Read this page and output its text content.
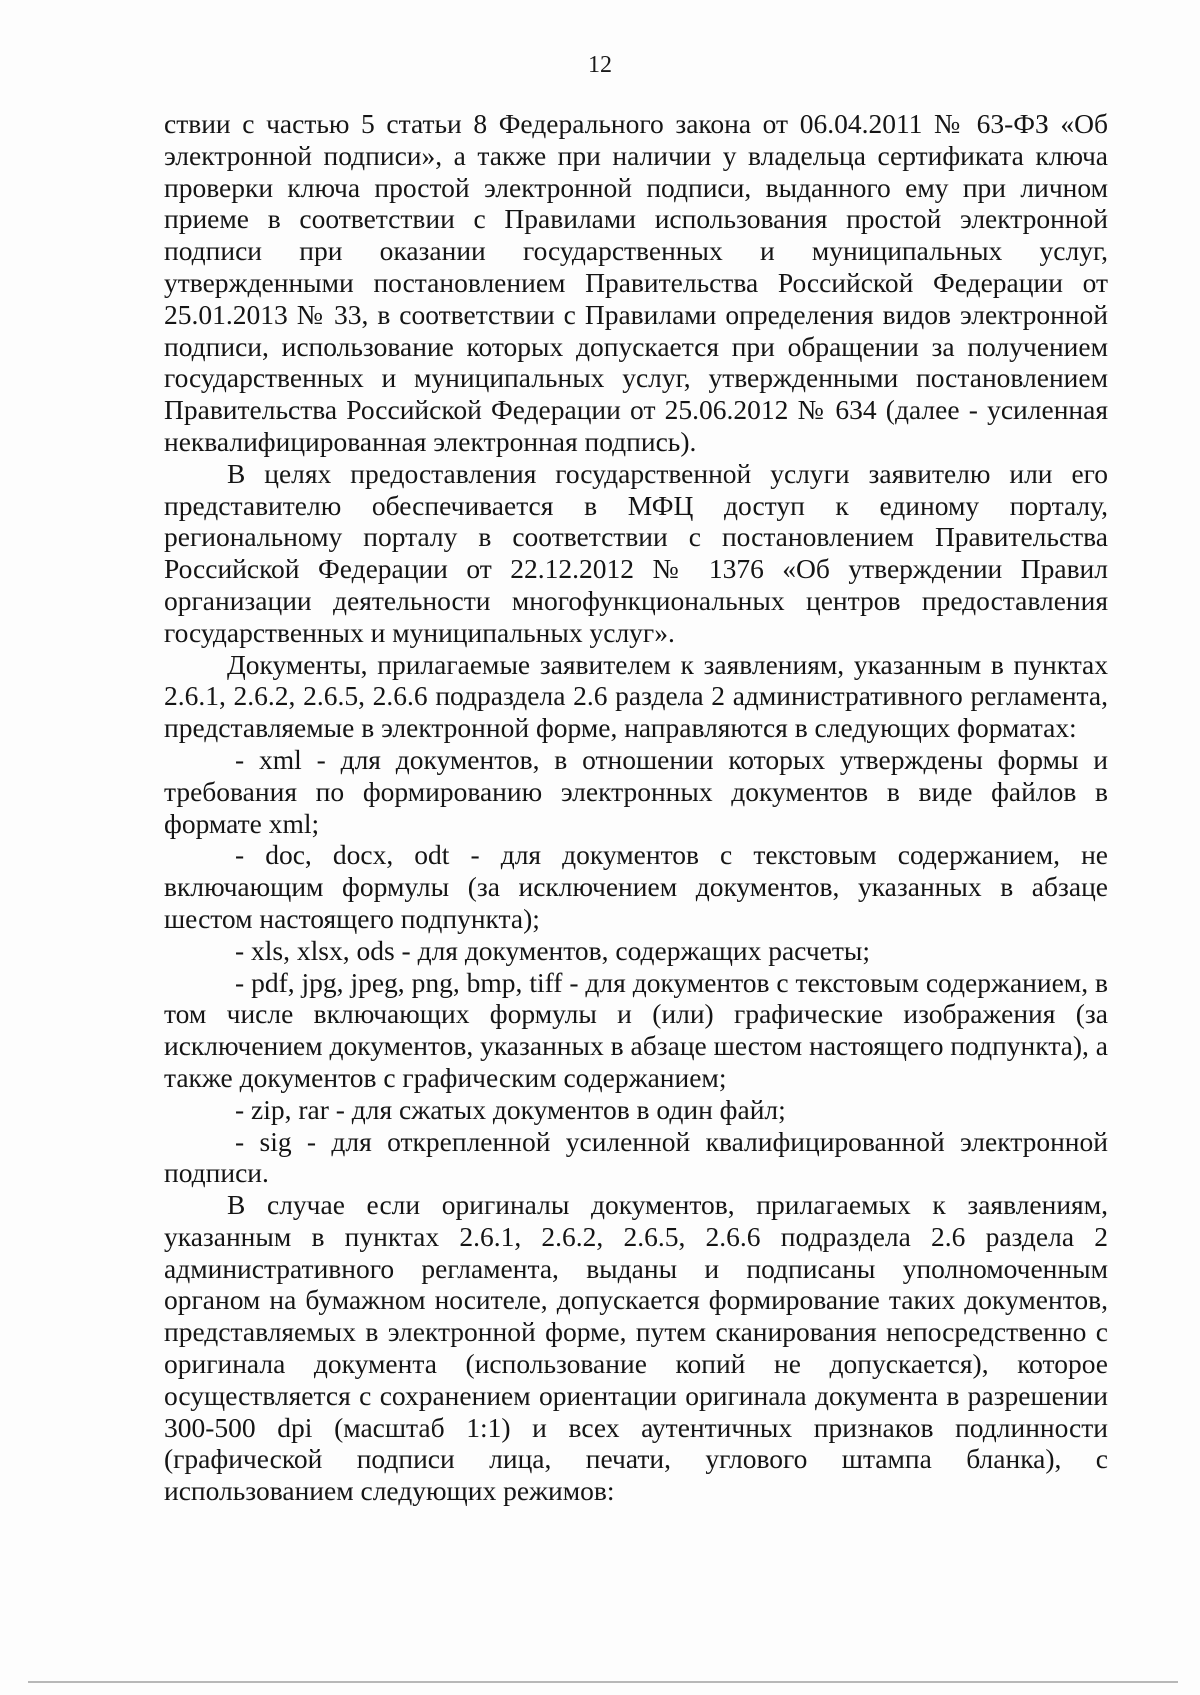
12

ствии с частью 5 статьи 8 Федерального закона от 06.04.2011 № 63-ФЗ «Об электронной подписи», а также при наличии у владельца сертификата ключа проверки ключа простой электронной подписи, выданного ему при личном приеме в соответствии с Правилами использования простой электронной подписи при оказании государственных и муниципальных услуг, утвержденными постановлением Правительства Российской Федерации от 25.01.2013 № 33, в соответствии с Правилами определения видов электронной подписи, использование которых допускается при обращении за получением государственных и муниципальных услуг, утвержденными постановлением Правительства Российской Федерации от 25.06.2012 № 634 (далее - усиленная неквалифицированная электронная подпись).

В целях предоставления государственной услуги заявителю или его представителю обеспечивается в МФЦ доступ к единому порталу, региональному порталу в соответствии с постановлением Правительства Российской Федерации от 22.12.2012 № 1376 «Об утверждении Правил организации деятельности многофункциональных центров предоставления государственных и муниципальных услуг».

Документы, прилагаемые заявителем к заявлениям, указанным в пунктах 2.6.1, 2.6.2, 2.6.5, 2.6.6 подраздела 2.6 раздела 2 административного регламента, представляемые в электронной форме, направляются в следующих форматах:

- xml - для документов, в отношении которых утверждены формы и требования по формированию электронных документов в виде файлов в формате xml;

- doc, docx, odt - для документов с текстовым содержанием, не включающим формулы (за исключением документов, указанных в абзаце шестом настоящего подпункта);

- xls, xlsx, ods - для документов, содержащих расчеты;

- pdf, jpg, jpeg, png, bmp, tiff - для документов с текстовым содержанием, в том числе включающих формулы и (или) графические изображения (за исключением документов, указанных в абзаце шестом настоящего подпункта), а также документов с графическим содержанием;

- zip, rar - для сжатых документов в один файл;

- sig - для открепленной усиленной квалифицированной электронной подписи.

В случае если оригиналы документов, прилагаемых к заявлениям, указанным в пунктах 2.6.1, 2.6.2, 2.6.5, 2.6.6 подраздела 2.6 раздела 2 административного регламента, выданы и подписаны уполномоченным органом на бумажном носителе, допускается формирование таких документов, представляемых в электронной форме, путем сканирования непосредственно с оригинала документа (использование копий не допускается), которое осуществляется с сохранением ориентации оригинала документа в разрешении 300-500 dpi (масштаб 1:1) и всех аутентичных признаков подлинности (графической подписи лица, печати, углового штампа бланка), с использованием следующих режимов:
